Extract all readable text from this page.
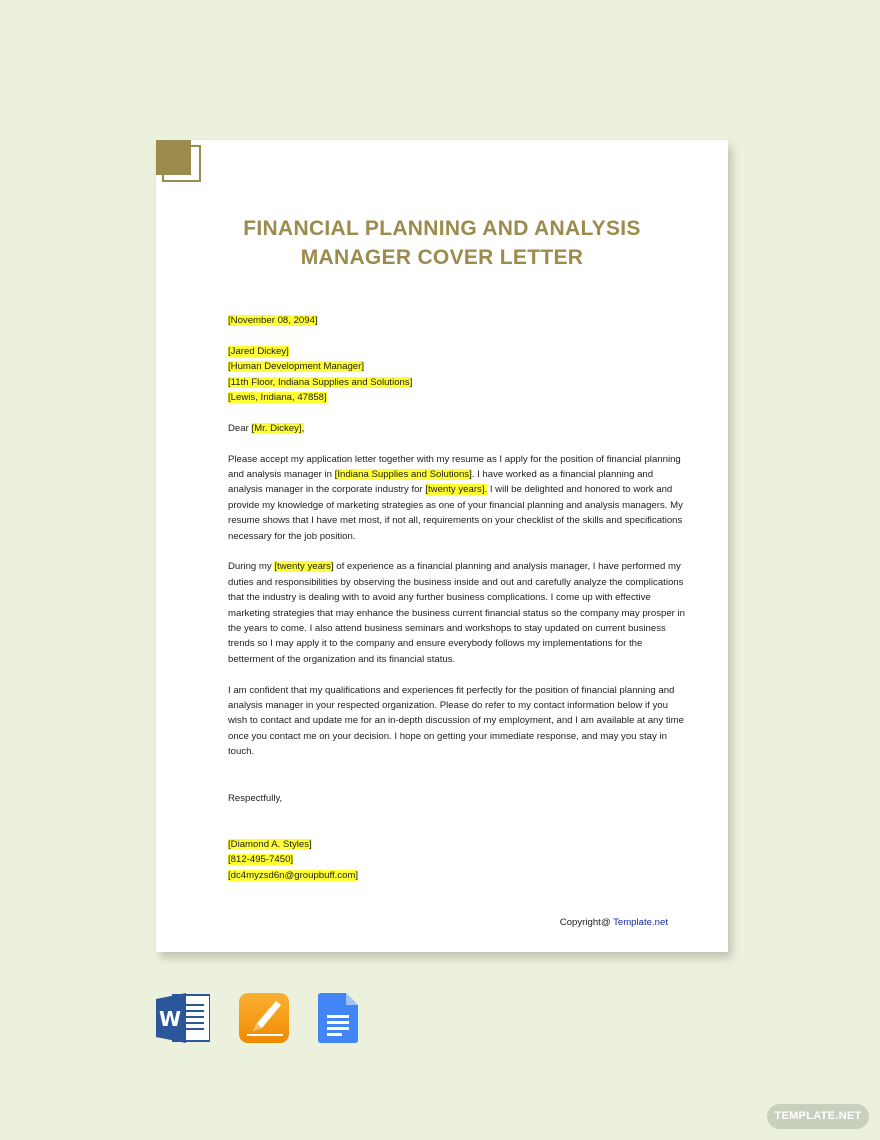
FINANCIAL PLANNING AND ANALYSIS
MANAGER COVER LETTER

[November 08, 2094]

[Jared Dickey]

[Human Development Manager]

[11th Floor, Indiana Supplies and Solutions]

[Lewis, Indiana, 47858]

Dear [Mr. Dickey],

Please accept my application letter together with my resume as I apply for the position of financial planning and analysis manager in [Indiana Supplies and Solutions]. I have worked as a financial planning and analysis manager in the corporate industry for [twenty years]. I will be delighted and honored to work and provide my knowledge of marketing strategies as one of your financial planning and analysis managers. My resume shows that I have met most, if not all, requirements on your checklist of the skills and specifications necessary for the job position.

During my [twenty years] of experience as a financial planning and analysis manager, I have performed my duties and responsibilities by observing the business inside and out and carefully analyze the complications that the industry is dealing with to avoid any further business complications. I come up with effective marketing strategies that may enhance the business current financial status so the company may prosper in the years to come. I also attend business seminars and workshops to stay updated on current business trends so I may apply it to the company and ensure everybody follows my implementations for the betterment of the organization and its financial status.

I am confident that my qualifications and experiences fit perfectly for the position of financial planning and analysis manager in your respected organization. Please do refer to my contact information below if you wish to contact and update me for an in-depth discussion of my employment, and I am available at any time once you contact me on your decision. I hope on getting your immediate response, and may you stay in touch.

Respectfully,

[Diamond A. Styles]

[812-495-7450]

[dc4myzsd6n@groupbuff.com]

Copyright@ Template.net
W
TEMPLATE.NET
